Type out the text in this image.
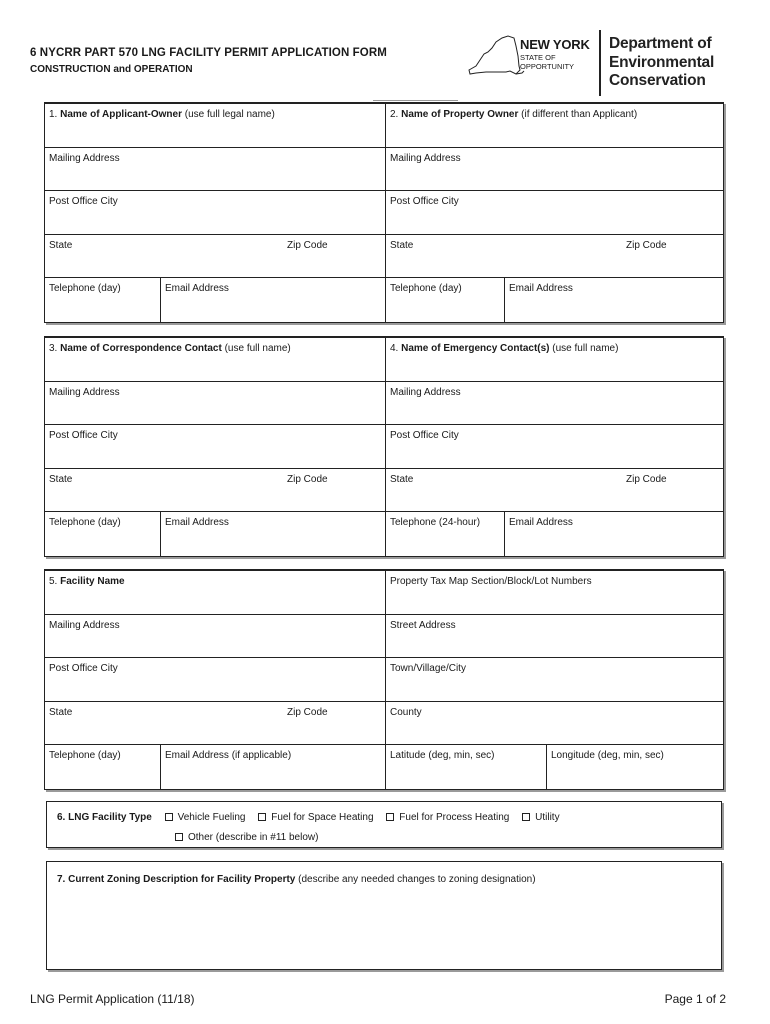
6 NYCRR PART 570 LNG FACILITY PERMIT APPLICATION FORM
CONSTRUCTION and OPERATION
NEW YORK
STATE OF
OPPORTUNITY
Department of
Environmental
Conservation
1. Name of Applicant-Owner (use full legal name)	2. Name of Property Owner (if different than Applicant)
Mailing Address	Mailing Address
Post Office City	Post Office City
State	Zip Code	State	Zip Code
Telephone (day)	Email Address	Telephone (day)	Email Address
3. Name of Correspondence Contact (use full name)	4. Name of Emergency Contact(s) (use full name)
Mailing Address	Mailing Address
Post Office City	Post Office City
State	Zip Code	State	Zip Code
Telephone (day)	Email Address	Telephone (24-hour)	Email Address
5. Facility Name	Property Tax Map Section/Block/Lot Numbers
Mailing Address	Street Address
Post Office City	Town/Village/City
State	Zip Code	County
Telephone (day)	Email Address (if applicable)	Latitude (deg, min, sec)	Longitude (deg, min, sec)
6. LNG Facility Type	Vehicle Fueling	Fuel for Space Heating	Fuel for Process Heating	Utility
Other (describe in #11 below)
7. Current Zoning Description for Facility Property (describe any needed changes to zoning designation)
LNG Permit Application (11/18)	Page 1 of 2
